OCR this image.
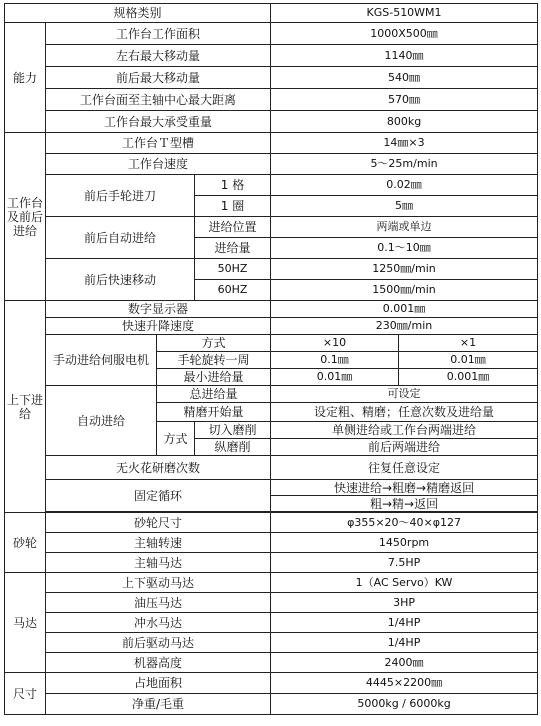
规格类别				KGS-510WM1	
能力	工作台工作面积			1000X500㎜	
	左右最大移动量			1140㎜	
	前后最大移动量			540㎜	
	工作台面至主轴中心最大距离			570㎜	
	工作台最大承受重量			800kg	
工作台及前后进给	工作台Ｔ型槽			14㎜×3	
	工作台速度			5～25m/min	
	前后手轮进刀		1 格	0.02㎜	
			1 圈	5㎜	
	前后自动进给		进给位置	两端或单边	
			进给量	0.1～10㎜	
	前后快速移动		50HZ	1250㎜/min	
			60HZ	1500㎜/min	
上下进给	数字显示器			0.001㎜	
	快速升降速度			230㎜/min	
	手动进给伺服电机	方式		×10	×1
		手轮旋转一周		0.1㎜	0.01㎜
		最小进给量		0.01㎜	0.001㎜
	自动进给	总进给量		可设定	
		精磨开始量		设定粗、精磨；任意次数及进给量	
		方式	切入磨削	单侧进给或工作台两端进给	
			纵磨削	前后两端进给	
	无火花研磨次数			往复任意设定	
	固定循环			快速进给→粗磨→精磨返回	
				粗→精→返回	

砂轮	砂轮尺寸			φ355×20～40×φ127	
	主轴转速			1450rpm	
	主轴马达			7.5HP	
马达	上下驱动马达			1（AC Servo）KW	
	油压马达			3HP	
	冲水马达			1/4HP	
	前后驱动马达			1/4HP	
	机器高度			2400㎜	
尺寸	占地面积			4445×2200㎜	
	净重/毛重			5000kg / 6000kg	
